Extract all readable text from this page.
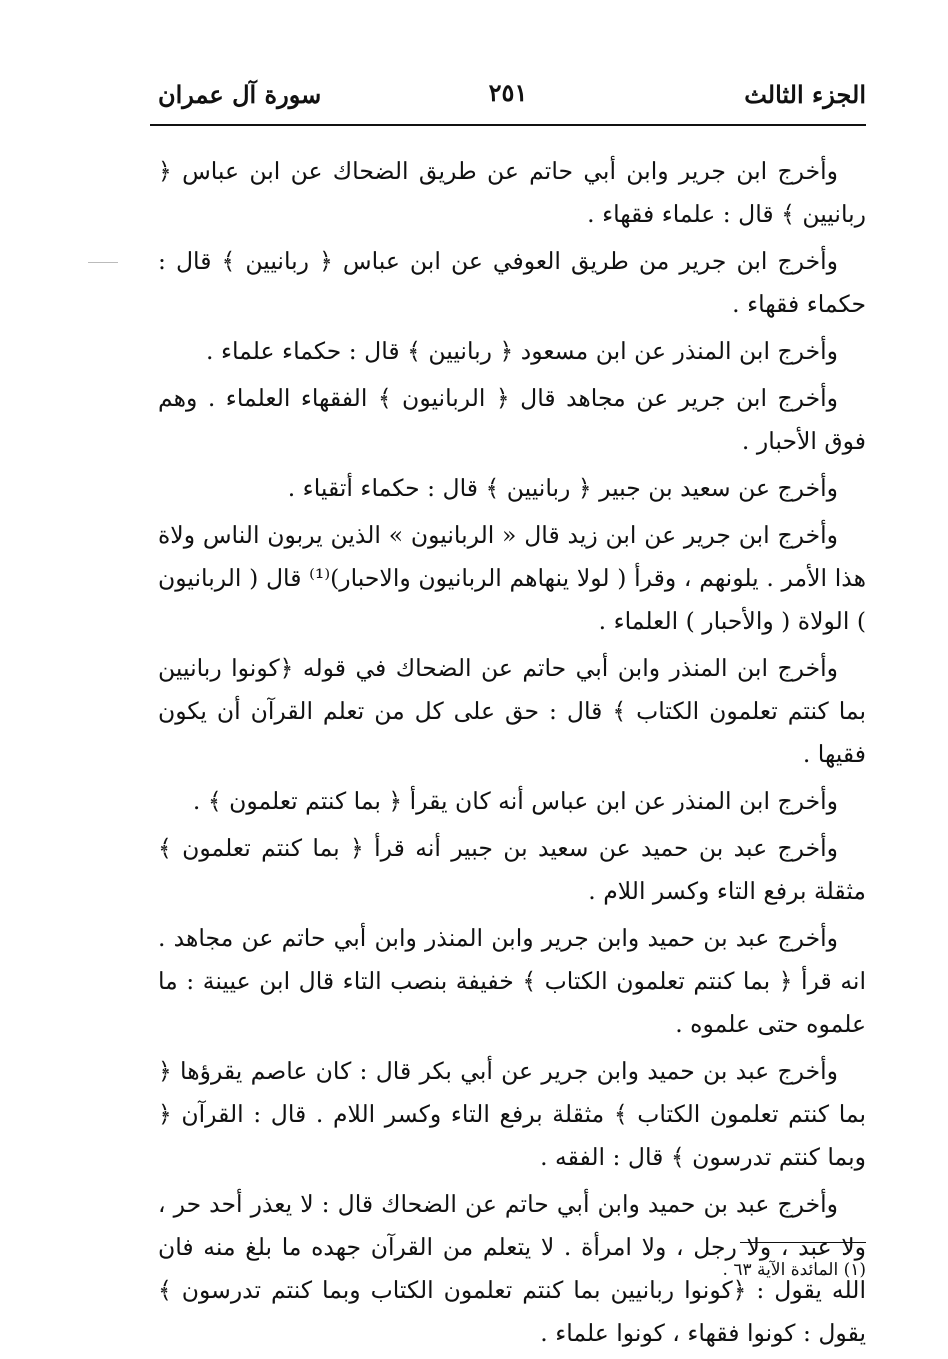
الجزء الثالث
٢٥١
سورة آل عمران

وأخرج ابن جرير وابن أبي حاتم عن طريق الضحاك عن ابن عباس ﴿ ربانيين ﴾ قال : علماء فقهاء .

وأخرج ابن جرير من طريق العوفي عن ابن عباس ﴿ ربانيين ﴾ قال : حكماء فقهاء .

وأخرج ابن المنذر عن ابن مسعود ﴿ ربانيين ﴾ قال : حكماء علماء .

وأخرج ابن جرير عن مجاهد قال ﴿ الربانيون ﴾ الفقهاء العلماء . وهم فوق الأحبار .

وأخرج عن سعيد بن جبير ﴿ ربانيين ﴾ قال : حكماء أتقياء .

وأخرج ابن جرير عن ابن زيد قال « الربانيون » الذين يربون الناس ولاة هذا الأمر . يلونهم ، وقرأ ( لولا ينهاهم الربانيون والاحبار)⁽¹⁾ قال ( الربانيون ) الولاة ( والأحبار ) العلماء .

وأخرج ابن المنذر وابن أبي حاتم عن الضحاك في قوله ﴿كونوا ربانيين بما كنتم تعلمون الكتاب ﴾ قال : حق على كل من تعلم القرآن أن يكون فقيها .

وأخرج ابن المنذر عن ابن عباس أنه كان يقرأ ﴿ بما كنتم تعلمون ﴾ .

وأخرج عبد بن حميد عن سعيد بن جبير أنه قرأ ﴿ بما كنتم تعلمون ﴾ مثقلة برفع التاء وكسر اللام .

وأخرج عبد بن حميد وابن جرير وابن المنذر وابن أبي حاتم عن مجاهد . انه قرأ ﴿ بما كنتم تعلمون الكتاب ﴾ خفيفة بنصب التاء قال ابن عيينة : ما علموه حتى علموه .

وأخرج عبد بن حميد وابن جرير عن أبي بكر قال : كان عاصم يقرؤها ﴿ بما كنتم تعلمون الكتاب ﴾ مثقلة برفع التاء وكسر اللام . قال : القرآن ﴿ وبما كنتم تدرسون ﴾ قال : الفقه .

وأخرج عبد بن حميد وابن أبي حاتم عن الضحاك قال : لا يعذر أحد حر ، ولا عبد ، ولا رجل ، ولا امرأة . لا يتعلم من القرآن جهده ما بلغ منه فان الله يقول : ﴿كونوا ربانيين بما كنتم تعلمون الكتاب وبما كنتم تدرسون ﴾ يقول : كونوا فقهاء ، كونوا علماء .

(١) المائدة الآية ٦٣ .
